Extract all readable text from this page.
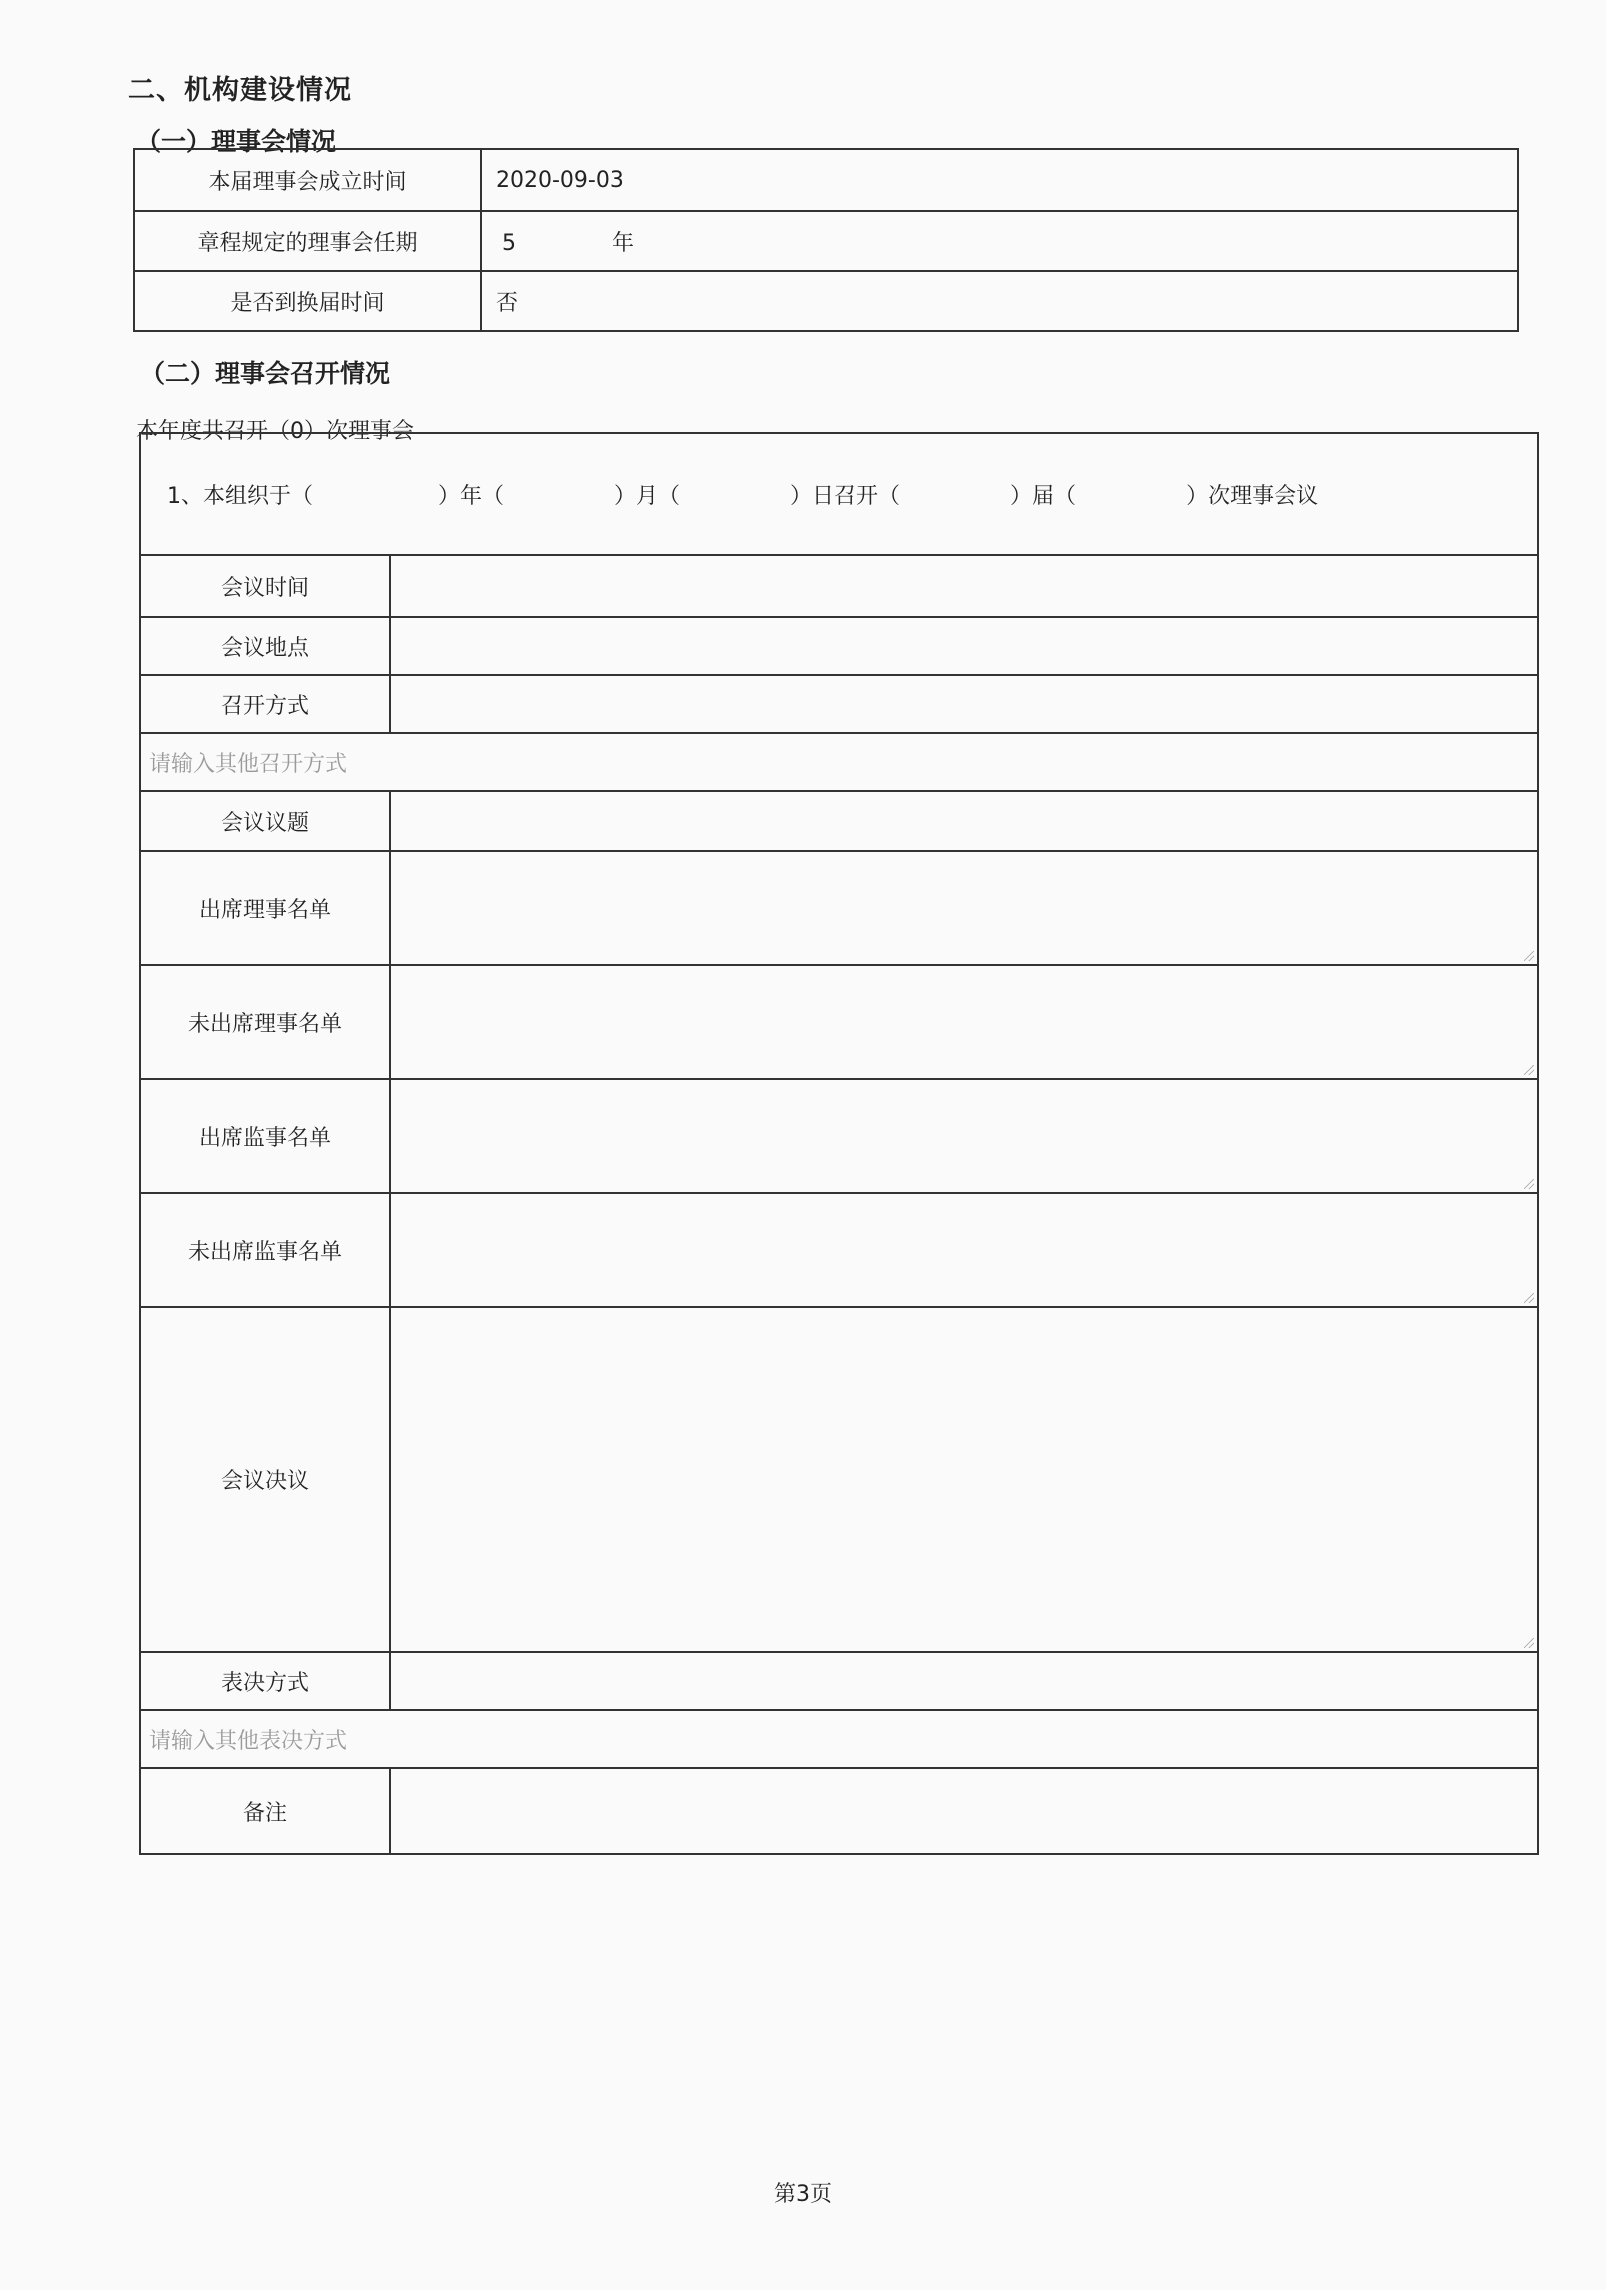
二、机构建设情况
（一）理事会情况
本届理事会成立时间	2020-09-03
章程规定的理事会任期	5 年
是否到换届时间	否
（二）理事会召开情况
本年度共召开（0）次理事会
1、本组织于（ ）年（ ）月（ ）日召开（ ）届（ ）次理事会议	
会议时间	
会议地点	
召开方式	
请输入其他召开方式	
会议议题	
出席理事名单	
未出席理事名单	
出席监事名单	
未出席监事名单	
会议决议	
表决方式	
请输入其他表决方式	
备注	
第3页
